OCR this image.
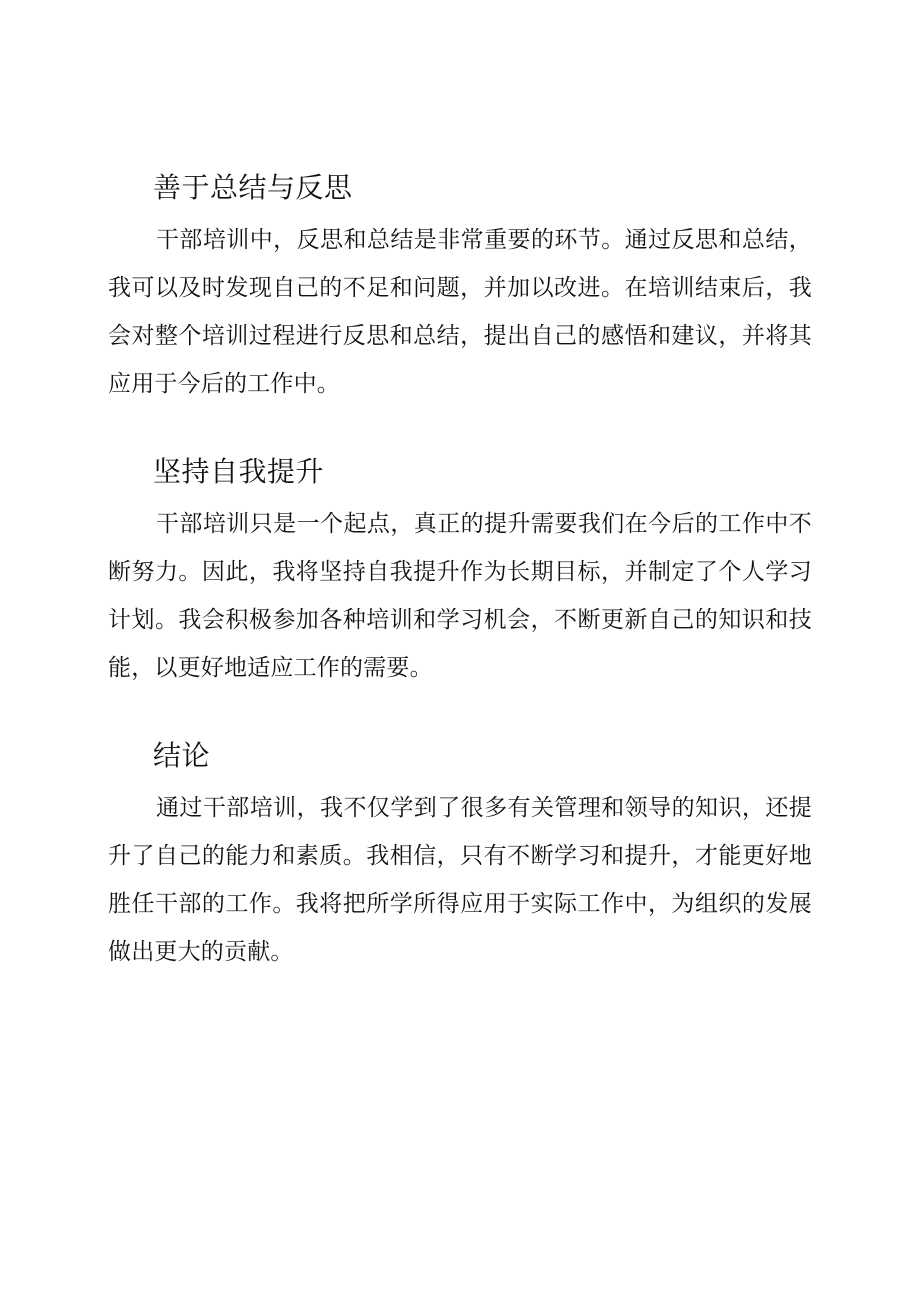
善于总结与反思

干部培训中，反思和总结是非常重要的环节。通过反思和总结，我可以及时发现自己的不足和问题，并加以改进。在培训结束后，我会对整个培训过程进行反思和总结，提出自己的感悟和建议，并将其应用于今后的工作中。

坚持自我提升

干部培训只是一个起点，真正的提升需要我们在今后的工作中不断努力。因此，我将坚持自我提升作为长期目标，并制定了个人学习计划。我会积极参加各种培训和学习机会，不断更新自己的知识和技能，以更好地适应工作的需要。

结论

通过干部培训，我不仅学到了很多有关管理和领导的知识，还提升了自己的能力和素质。我相信，只有不断学习和提升，才能更好地胜任干部的工作。我将把所学所得应用于实际工作中，为组织的发展做出更大的贡献。
